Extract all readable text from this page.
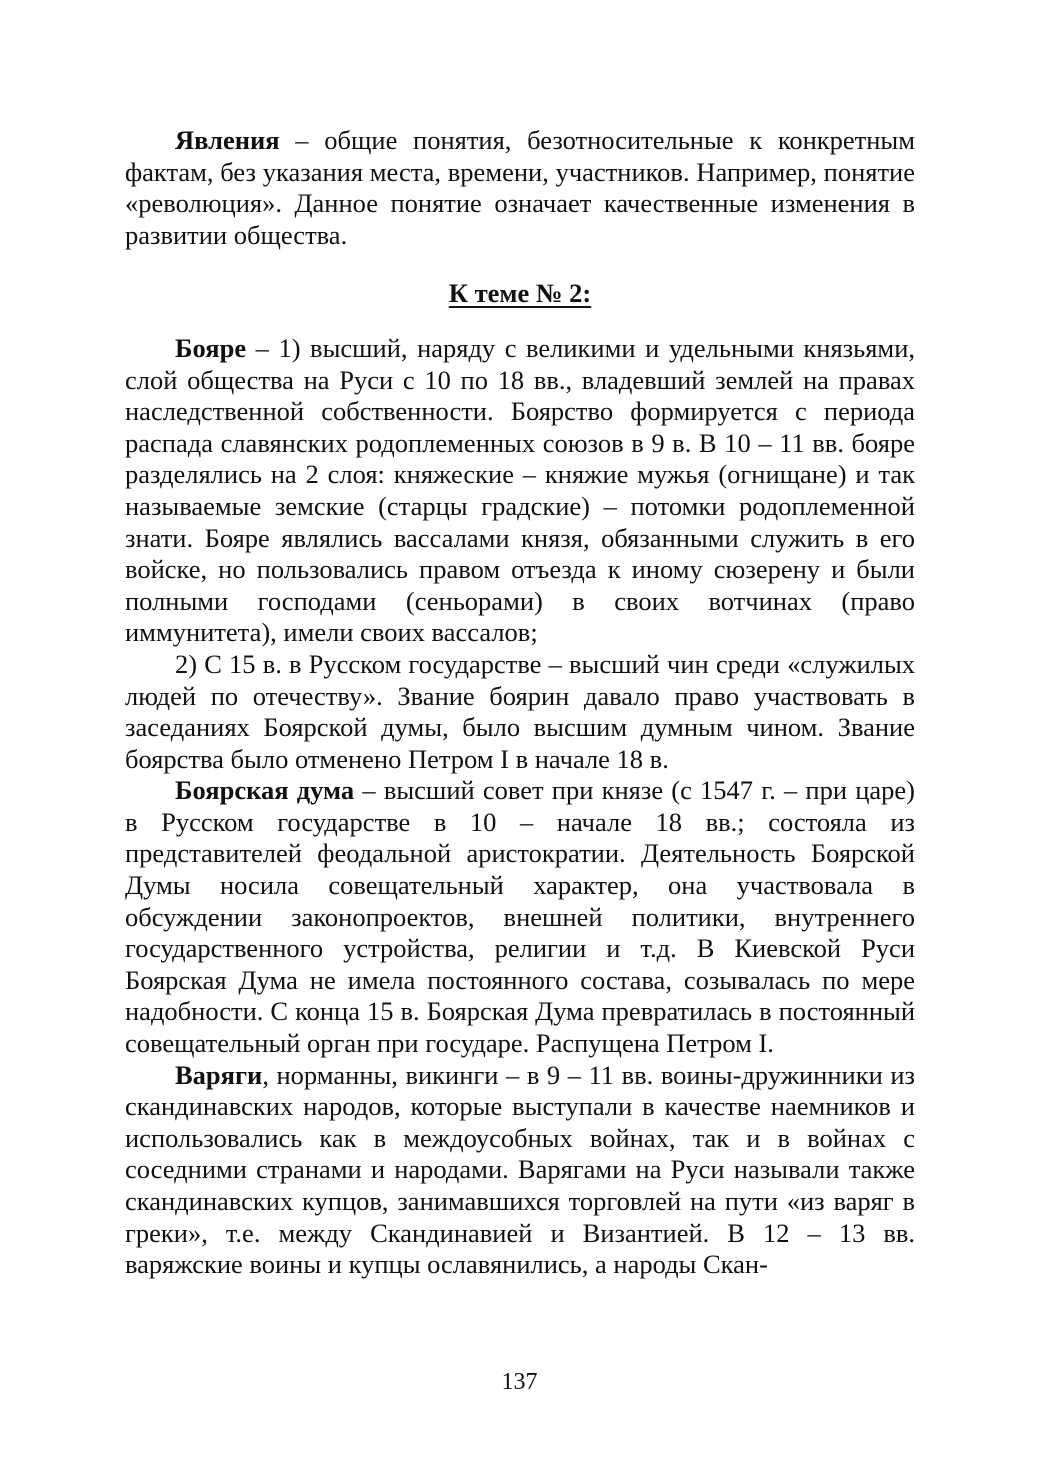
Явления – общие понятия, безотносительные к конкретным фактам, без указания места, времени, участников. Например, понятие «революция». Данное понятие означает качественные изменения в развитии общества.

К теме № 2:

Бояре – 1) высший, наряду с великими и удельными князьями, слой общества на Руси с 10 по 18 вв., владевший землей на правах наследственной собственности. Боярство формируется с периода распада славянских родоплеменных союзов в 9 в. В 10 – 11 вв. бояре разделялись на 2 слоя: княжеские – княжие мужья (огнищане) и так называемые земские (старцы градские) – потомки родоплеменной знати. Бояре являлись вассалами князя, обязанными служить в его войске, но пользовались правом отъезда к иному сюзерену и были полными господами (сеньорами) в своих вотчинах (право иммунитета), имели своих вассалов;

2) С 15 в. в Русском государстве – высший чин среди «служилых людей по отечеству». Звание боярин давало право участвовать в заседаниях Боярской думы, было высшим думным чином. Звание боярства было отменено Петром I в начале 18 в.

Боярская дума – высший совет при князе (с 1547 г. – при царе) в Русском государстве в 10 – начале 18 вв.; состояла из представителей феодальной аристократии. Деятельность Боярской Думы носила совещательный характер, она участвовала в обсуждении законопроектов, внешней политики, внутреннего государственного устройства, религии и т.д. В Киевской Руси Боярская Дума не имела постоянного состава, созывалась по мере надобности. С конца 15 в. Боярская Дума превратилась в постоянный совещательный орган при государе. Распущена Петром I.

Варяги, норманны, викинги – в 9 – 11 вв. воины-дружинники из скандинавских народов, которые выступали в качестве наемников и использовались как в междоусобных войнах, так и в войнах с соседними странами и народами. Варягами на Руси называли также скандинавских купцов, занимавшихся торговлей на пути «из варяг в греки», т.е. между Скандинавией и Византией. В 12 – 13 вв. варяжские воины и купцы ославянились, а народы Скан-

137
